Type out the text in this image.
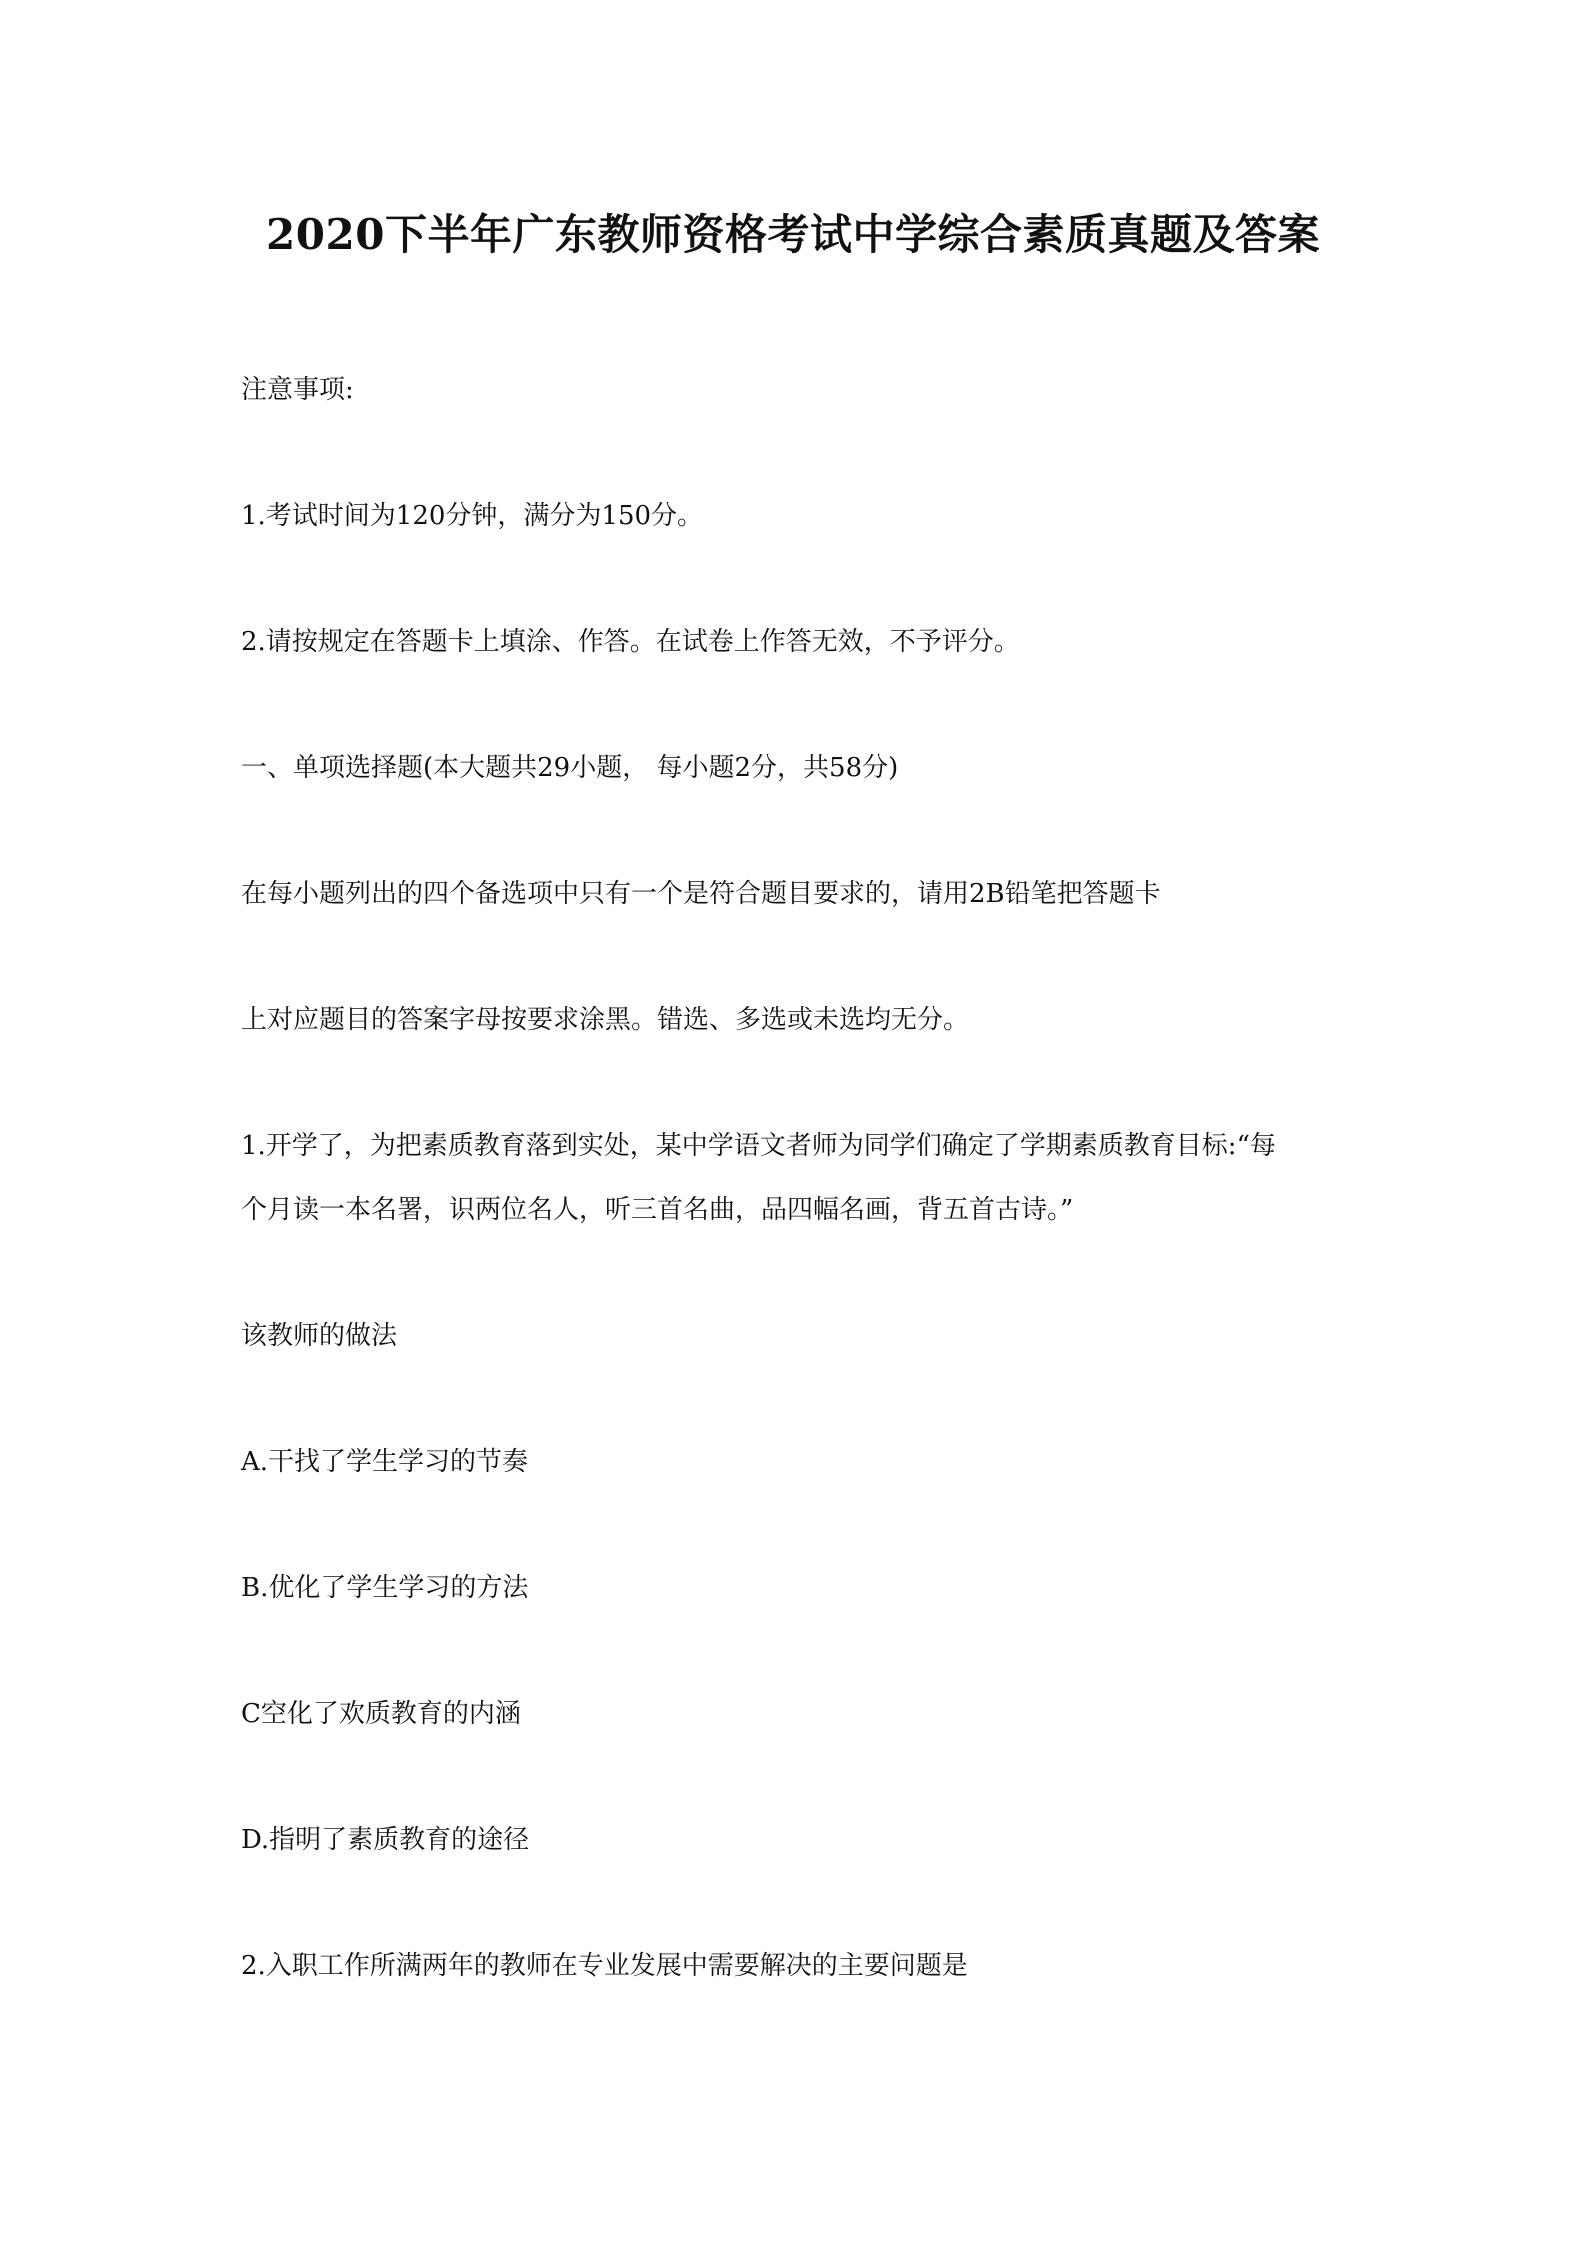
2020下半年广东教师资格考试中学综合素质真题及答案
注意事项:
1.考试时间为120分钟，满分为150分。
2.请按规定在答题卡上填涂、作答。在试卷上作答无效，不予评分。
一、单项选择题(本大题共29小题， 每小题2分，共58分)
在每小题列出的四个备选项中只有一个是符合题目要求的，请用2B铅笔把答题卡
上对应题目的答案字母按要求涂黑。错选、多选或未选均无分。
1.开学了，为把素质教育落到实处，某中学语文者师为同学们确定了学期素质教育目标:“每
个月读一本名署，识两位名人，听三首名曲，品四幅名画，背五首古诗。”
该教师的做法
A.干找了学生学习的节奏
B.优化了学生学习的方法
C空化了欢质教育的内涵
D.指明了素质教育的途径
2.入职工作所满两年的教师在专业发展中需要解决的主要问题是
